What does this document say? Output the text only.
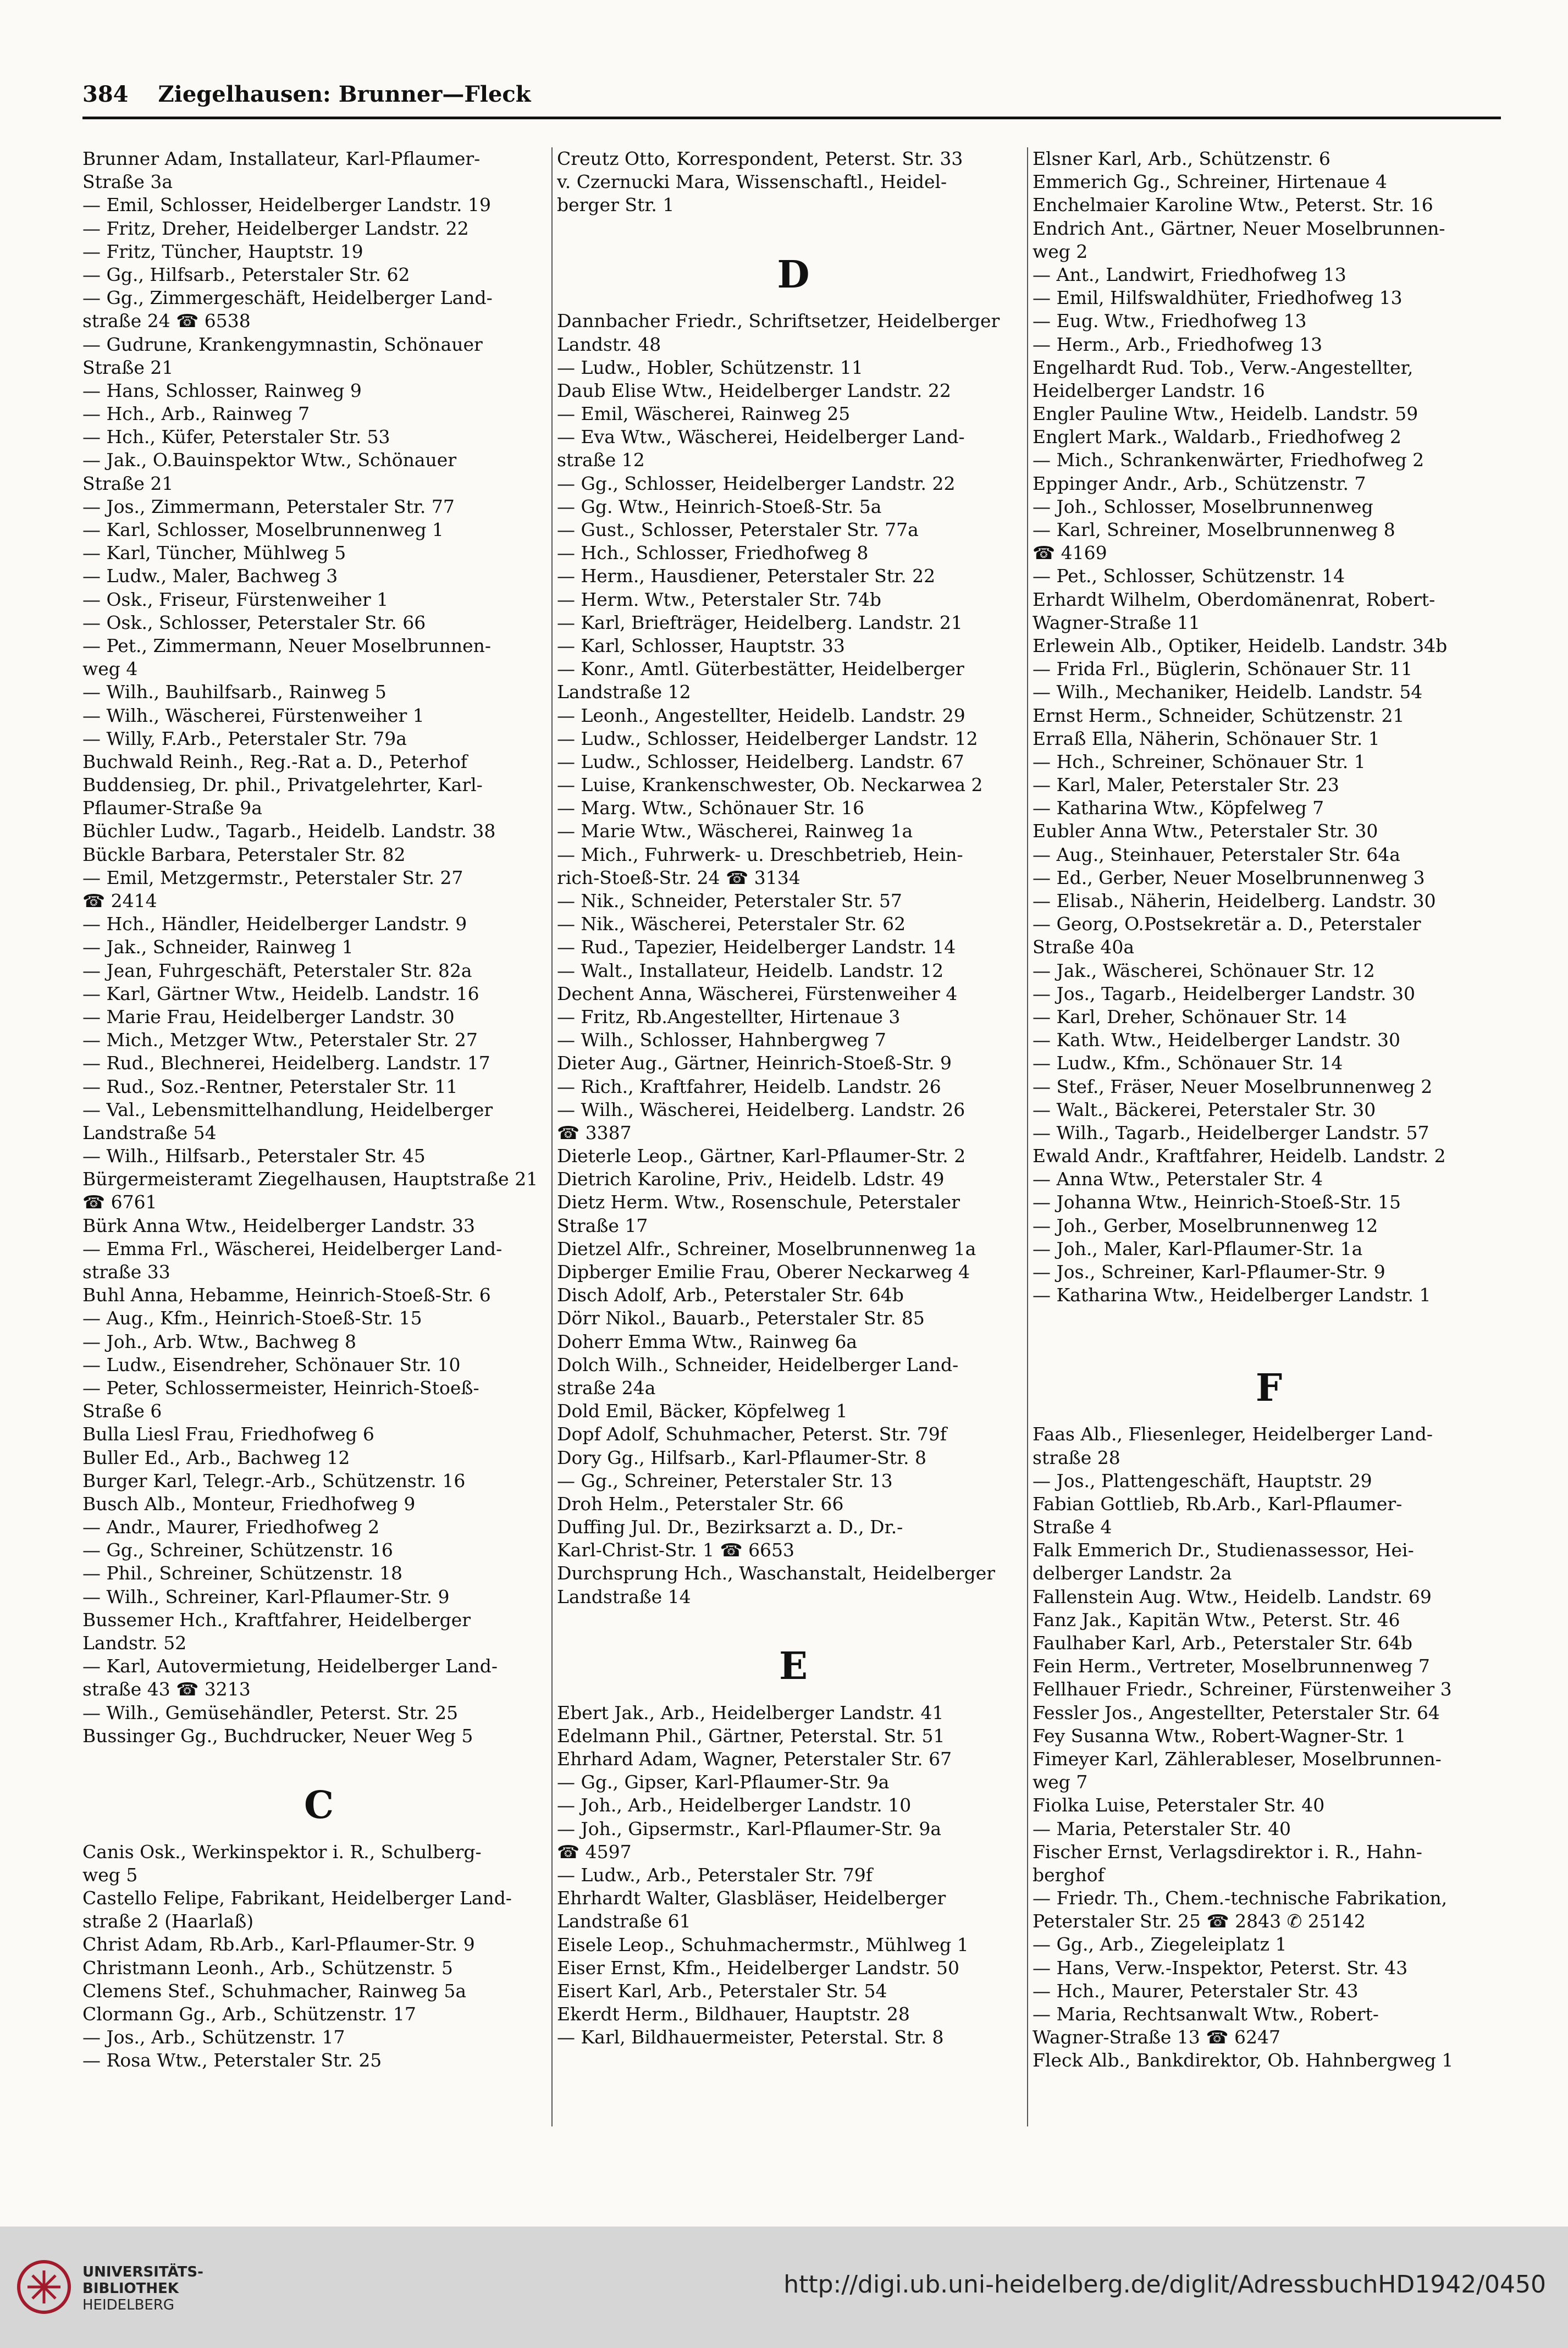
384 Ziegelhausen: Brunner—Fleck
Brunner Adam, Installateur, Karl-Pflaumer-
Straße 3a
— Emil, Schlosser, Heidelberger Landstr. 19
— Fritz, Dreher, Heidelberger Landstr. 22
— Fritz, Tüncher, Hauptstr. 19
— Gg., Hilfsarb., Peterstaler Str. 62
— Gg., Zimmergeschäft, Heidelberger Land-
straße 24 ☎ 6538
— Gudrune, Krankengymnastin, Schönauer
Straße 21
— Hans, Schlosser, Rainweg 9
— Hch., Arb., Rainweg 7
— Hch., Küfer, Peterstaler Str. 53
— Jak., O.Bauinspektor Wtw., Schönauer
Straße 21
— Jos., Zimmermann, Peterstaler Str. 77
— Karl, Schlosser, Moselbrunnenweg 1
— Karl, Tüncher, Mühlweg 5
— Ludw., Maler, Bachweg 3
— Osk., Friseur, Fürstenweiher 1
— Osk., Schlosser, Peterstaler Str. 66
— Pet., Zimmermann, Neuer Moselbrunnen-
weg 4
— Wilh., Bauhilfsarb., Rainweg 5
— Wilh., Wäscherei, Fürstenweiher 1
— Willy, F.Arb., Peterstaler Str. 79a
Buchwald Reinh., Reg.-Rat a. D., Peterhof
Buddensieg, Dr. phil., Privatgelehrter, Karl-
Pflaumer-Straße 9a
Büchler Ludw., Tagarb., Heidelb. Landstr. 38
Bückle Barbara, Peterstaler Str. 82
— Emil, Metzgermstr., Peterstaler Str. 27
☎ 2414
— Hch., Händler, Heidelberger Landstr. 9
— Jak., Schneider, Rainweg 1
— Jean, Fuhrgeschäft, Peterstaler Str. 82a
— Karl, Gärtner Wtw., Heidelb. Landstr. 16
— Marie Frau, Heidelberger Landstr. 30
— Mich., Metzger Wtw., Peterstaler Str. 27
— Rud., Blechnerei, Heidelberg. Landstr. 17
— Rud., Soz.-Rentner, Peterstaler Str. 11
— Val., Lebensmittelhandlung, Heidelberger
Landstraße 54
— Wilh., Hilfsarb., Peterstaler Str. 45
Bürgermeisteramt Ziegelhausen, Hauptstraße 21
☎ 6761
Bürk Anna Wtw., Heidelberger Landstr. 33
— Emma Frl., Wäscherei, Heidelberger Land-
straße 33
Buhl Anna, Hebamme, Heinrich-Stoeß-Str. 6
— Aug., Kfm., Heinrich-Stoeß-Str. 15
— Joh., Arb. Wtw., Bachweg 8
— Ludw., Eisendreher, Schönauer Str. 10
— Peter, Schlossermeister, Heinrich-Stoeß-
Straße 6
Bulla Liesl Frau, Friedhofweg 6
Buller Ed., Arb., Bachweg 12
Burger Karl, Telegr.-Arb., Schützenstr. 16
Busch Alb., Monteur, Friedhofweg 9
— Andr., Maurer, Friedhofweg 2
— Gg., Schreiner, Schützenstr. 16
— Phil., Schreiner, Schützenstr. 18
— Wilh., Schreiner, Karl-Pflaumer-Str. 9
Bussemer Hch., Kraftfahrer, Heidelberger
Landstr. 52
— Karl, Autovermietung, Heidelberger Land-
straße 43 ☎ 3213
— Wilh., Gemüsehändler, Peterst. Str. 25
Bussinger Gg., Buchdrucker, Neuer Weg 5
C
Canis Osk., Werkinspektor i. R., Schulberg-
weg 5
Castello Felipe, Fabrikant, Heidelberger Land-
straße 2 (Haarlaß)
Christ Adam, Rb.Arb., Karl-Pflaumer-Str. 9
Christmann Leonh., Arb., Schützenstr. 5
Clemens Stef., Schuhmacher, Rainweg 5a
Clormann Gg., Arb., Schützenstr. 17
— Jos., Arb., Schützenstr. 17
— Rosa Wtw., Peterstaler Str. 25
Creutz Otto, Korrespondent, Peterst. Str. 33
v. Czernucki Mara, Wissenschaftl., Heidel-
berger Str. 1
D
Dannbacher Friedr., Schriftsetzer, Heidelberger
Landstr. 48
— Ludw., Hobler, Schützenstr. 11
Daub Elise Wtw., Heidelberger Landstr. 22
— Emil, Wäscherei, Rainweg 25
— Eva Wtw., Wäscherei, Heidelberger Land-
straße 12
— Gg., Schlosser, Heidelberger Landstr. 22
— Gg. Wtw., Heinrich-Stoeß-Str. 5a
— Gust., Schlosser, Peterstaler Str. 77a
— Hch., Schlosser, Friedhofweg 8
— Herm., Hausdiener, Peterstaler Str. 22
— Herm. Wtw., Peterstaler Str. 74b
— Karl, Briefträger, Heidelberg. Landstr. 21
— Karl, Schlosser, Hauptstr. 33
— Konr., Amtl. Güterbestätter, Heidelberger
Landstraße 12
— Leonh., Angestellter, Heidelb. Landstr. 29
— Ludw., Schlosser, Heidelberger Landstr. 12
— Ludw., Schlosser, Heidelberg. Landstr. 67
— Luise, Krankenschwester, Ob. Neckarwea 2
— Marg. Wtw., Schönauer Str. 16
— Marie Wtw., Wäscherei, Rainweg 1a
— Mich., Fuhrwerk- u. Dreschbetrieb, Hein-
rich-Stoeß-Str. 24 ☎ 3134
— Nik., Schneider, Peterstaler Str. 57
— Nik., Wäscherei, Peterstaler Str. 62
— Rud., Tapezier, Heidelberger Landstr. 14
— Walt., Installateur, Heidelb. Landstr. 12
Dechent Anna, Wäscherei, Fürstenweiher 4
— Fritz, Rb.Angestellter, Hirtenaue 3
— Wilh., Schlosser, Hahnbergweg 7
Dieter Aug., Gärtner, Heinrich-Stoeß-Str. 9
— Rich., Kraftfahrer, Heidelb. Landstr. 26
— Wilh., Wäscherei, Heidelberg. Landstr. 26
☎ 3387
Dieterle Leop., Gärtner, Karl-Pflaumer-Str. 2
Dietrich Karoline, Priv., Heidelb. Ldstr. 49
Dietz Herm. Wtw., Rosenschule, Peterstaler
Straße 17
Dietzel Alfr., Schreiner, Moselbrunnenweg 1a
Dipberger Emilie Frau, Oberer Neckarweg 4
Disch Adolf, Arb., Peterstaler Str. 64b
Dörr Nikol., Bauarb., Peterstaler Str. 85
Doherr Emma Wtw., Rainweg 6a
Dolch Wilh., Schneider, Heidelberger Land-
straße 24a
Dold Emil, Bäcker, Köpfelweg 1
Dopf Adolf, Schuhmacher, Peterst. Str. 79f
Dory Gg., Hilfsarb., Karl-Pflaumer-Str. 8
— Gg., Schreiner, Peterstaler Str. 13
Droh Helm., Peterstaler Str. 66
Duffing Jul. Dr., Bezirksarzt a. D., Dr.-
Karl-Christ-Str. 1 ☎ 6653
Durchsprung Hch., Waschanstalt, Heidelberger
Landstraße 14
E
Ebert Jak., Arb., Heidelberger Landstr. 41
Edelmann Phil., Gärtner, Peterstal. Str. 51
Ehrhard Adam, Wagner, Peterstaler Str. 67
— Gg., Gipser, Karl-Pflaumer-Str. 9a
— Joh., Arb., Heidelberger Landstr. 10
— Joh., Gipsermstr., Karl-Pflaumer-Str. 9a
☎ 4597
— Ludw., Arb., Peterstaler Str. 79f
Ehrhardt Walter, Glasbläser, Heidelberger
Landstraße 61
Eisele Leop., Schuhmachermstr., Mühlweg 1
Eiser Ernst, Kfm., Heidelberger Landstr. 50
Eisert Karl, Arb., Peterstaler Str. 54
Ekerdt Herm., Bildhauer, Hauptstr. 28
— Karl, Bildhauermeister, Peterstal. Str. 8
Elsner Karl, Arb., Schützenstr. 6
Emmerich Gg., Schreiner, Hirtenaue 4
Enchelmaier Karoline Wtw., Peterst. Str. 16
Endrich Ant., Gärtner, Neuer Moselbrunnen-
weg 2
— Ant., Landwirt, Friedhofweg 13
— Emil, Hilfswaldhüter, Friedhofweg 13
— Eug. Wtw., Friedhofweg 13
— Herm., Arb., Friedhofweg 13
Engelhardt Rud. Tob., Verw.-Angestellter,
Heidelberger Landstr. 16
Engler Pauline Wtw., Heidelb. Landstr. 59
Englert Mark., Waldarb., Friedhofweg 2
— Mich., Schrankenwärter, Friedhofweg 2
Eppinger Andr., Arb., Schützenstr. 7
— Joh., Schlosser, Moselbrunnenweg
— Karl, Schreiner, Moselbrunnenweg 8
☎ 4169
— Pet., Schlosser, Schützenstr. 14
Erhardt Wilhelm, Oberdomänenrat, Robert-
Wagner-Straße 11
Erlewein Alb., Optiker, Heidelb. Landstr. 34b
— Frida Frl., Büglerin, Schönauer Str. 11
— Wilh., Mechaniker, Heidelb. Landstr. 54
Ernst Herm., Schneider, Schützenstr. 21
Erraß Ella, Näherin, Schönauer Str. 1
— Hch., Schreiner, Schönauer Str. 1
— Karl, Maler, Peterstaler Str. 23
— Katharina Wtw., Köpfelweg 7
Eubler Anna Wtw., Peterstaler Str. 30
— Aug., Steinhauer, Peterstaler Str. 64a
— Ed., Gerber, Neuer Moselbrunnenweg 3
— Elisab., Näherin, Heidelberg. Landstr. 30
— Georg, O.Postsekretär a. D., Peterstaler
Straße 40a
— Jak., Wäscherei, Schönauer Str. 12
— Jos., Tagarb., Heidelberger Landstr. 30
— Karl, Dreher, Schönauer Str. 14
— Kath. Wtw., Heidelberger Landstr. 30
— Ludw., Kfm., Schönauer Str. 14
— Stef., Fräser, Neuer Moselbrunnenweg 2
— Walt., Bäckerei, Peterstaler Str. 30
— Wilh., Tagarb., Heidelberger Landstr. 57
Ewald Andr., Kraftfahrer, Heidelb. Landstr. 2
— Anna Wtw., Peterstaler Str. 4
— Johanna Wtw., Heinrich-Stoeß-Str. 15
— Joh., Gerber, Moselbrunnenweg 12
— Joh., Maler, Karl-Pflaumer-Str. 1a
— Jos., Schreiner, Karl-Pflaumer-Str. 9
— Katharina Wtw., Heidelberger Landstr. 1
F
Faas Alb., Fliesenleger, Heidelberger Land-
straße 28
— Jos., Plattengeschäft, Hauptstr. 29
Fabian Gottlieb, Rb.Arb., Karl-Pflaumer-
Straße 4
Falk Emmerich Dr., Studienassessor, Hei-
delberger Landstr. 2a
Fallenstein Aug. Wtw., Heidelb. Landstr. 69
Fanz Jak., Kapitän Wtw., Peterst. Str. 46
Faulhaber Karl, Arb., Peterstaler Str. 64b
Fein Herm., Vertreter, Moselbrunnenweg 7
Fellhauer Friedr., Schreiner, Fürstenweiher 3
Fessler Jos., Angestellter, Peterstaler Str. 64
Fey Susanna Wtw., Robert-Wagner-Str. 1
Fimeyer Karl, Zählerableser, Moselbrunnen-
weg 7
Fiolka Luise, Peterstaler Str. 40
— Maria, Peterstaler Str. 40
Fischer Ernst, Verlagsdirektor i. R., Hahn-
berghof
— Friedr. Th., Chem.-technische Fabrikation,
Peterstaler Str. 25 ☎ 2843 ✆ 25142
— Gg., Arb., Ziegeleiplatz 1
— Hans, Verw.-Inspektor, Peterst. Str. 43
— Hch., Maurer, Peterstaler Str. 43
— Maria, Rechtsanwalt Wtw., Robert-
Wagner-Straße 13 ☎ 6247
Fleck Alb., Bankdirektor, Ob. Hahnbergweg 1
UNIVERSITÄTS-
BIBLIOTHEK
HEIDELBERG
http://digi.ub.uni-heidelberg.de/diglit/AdressbuchHD1942/0450
